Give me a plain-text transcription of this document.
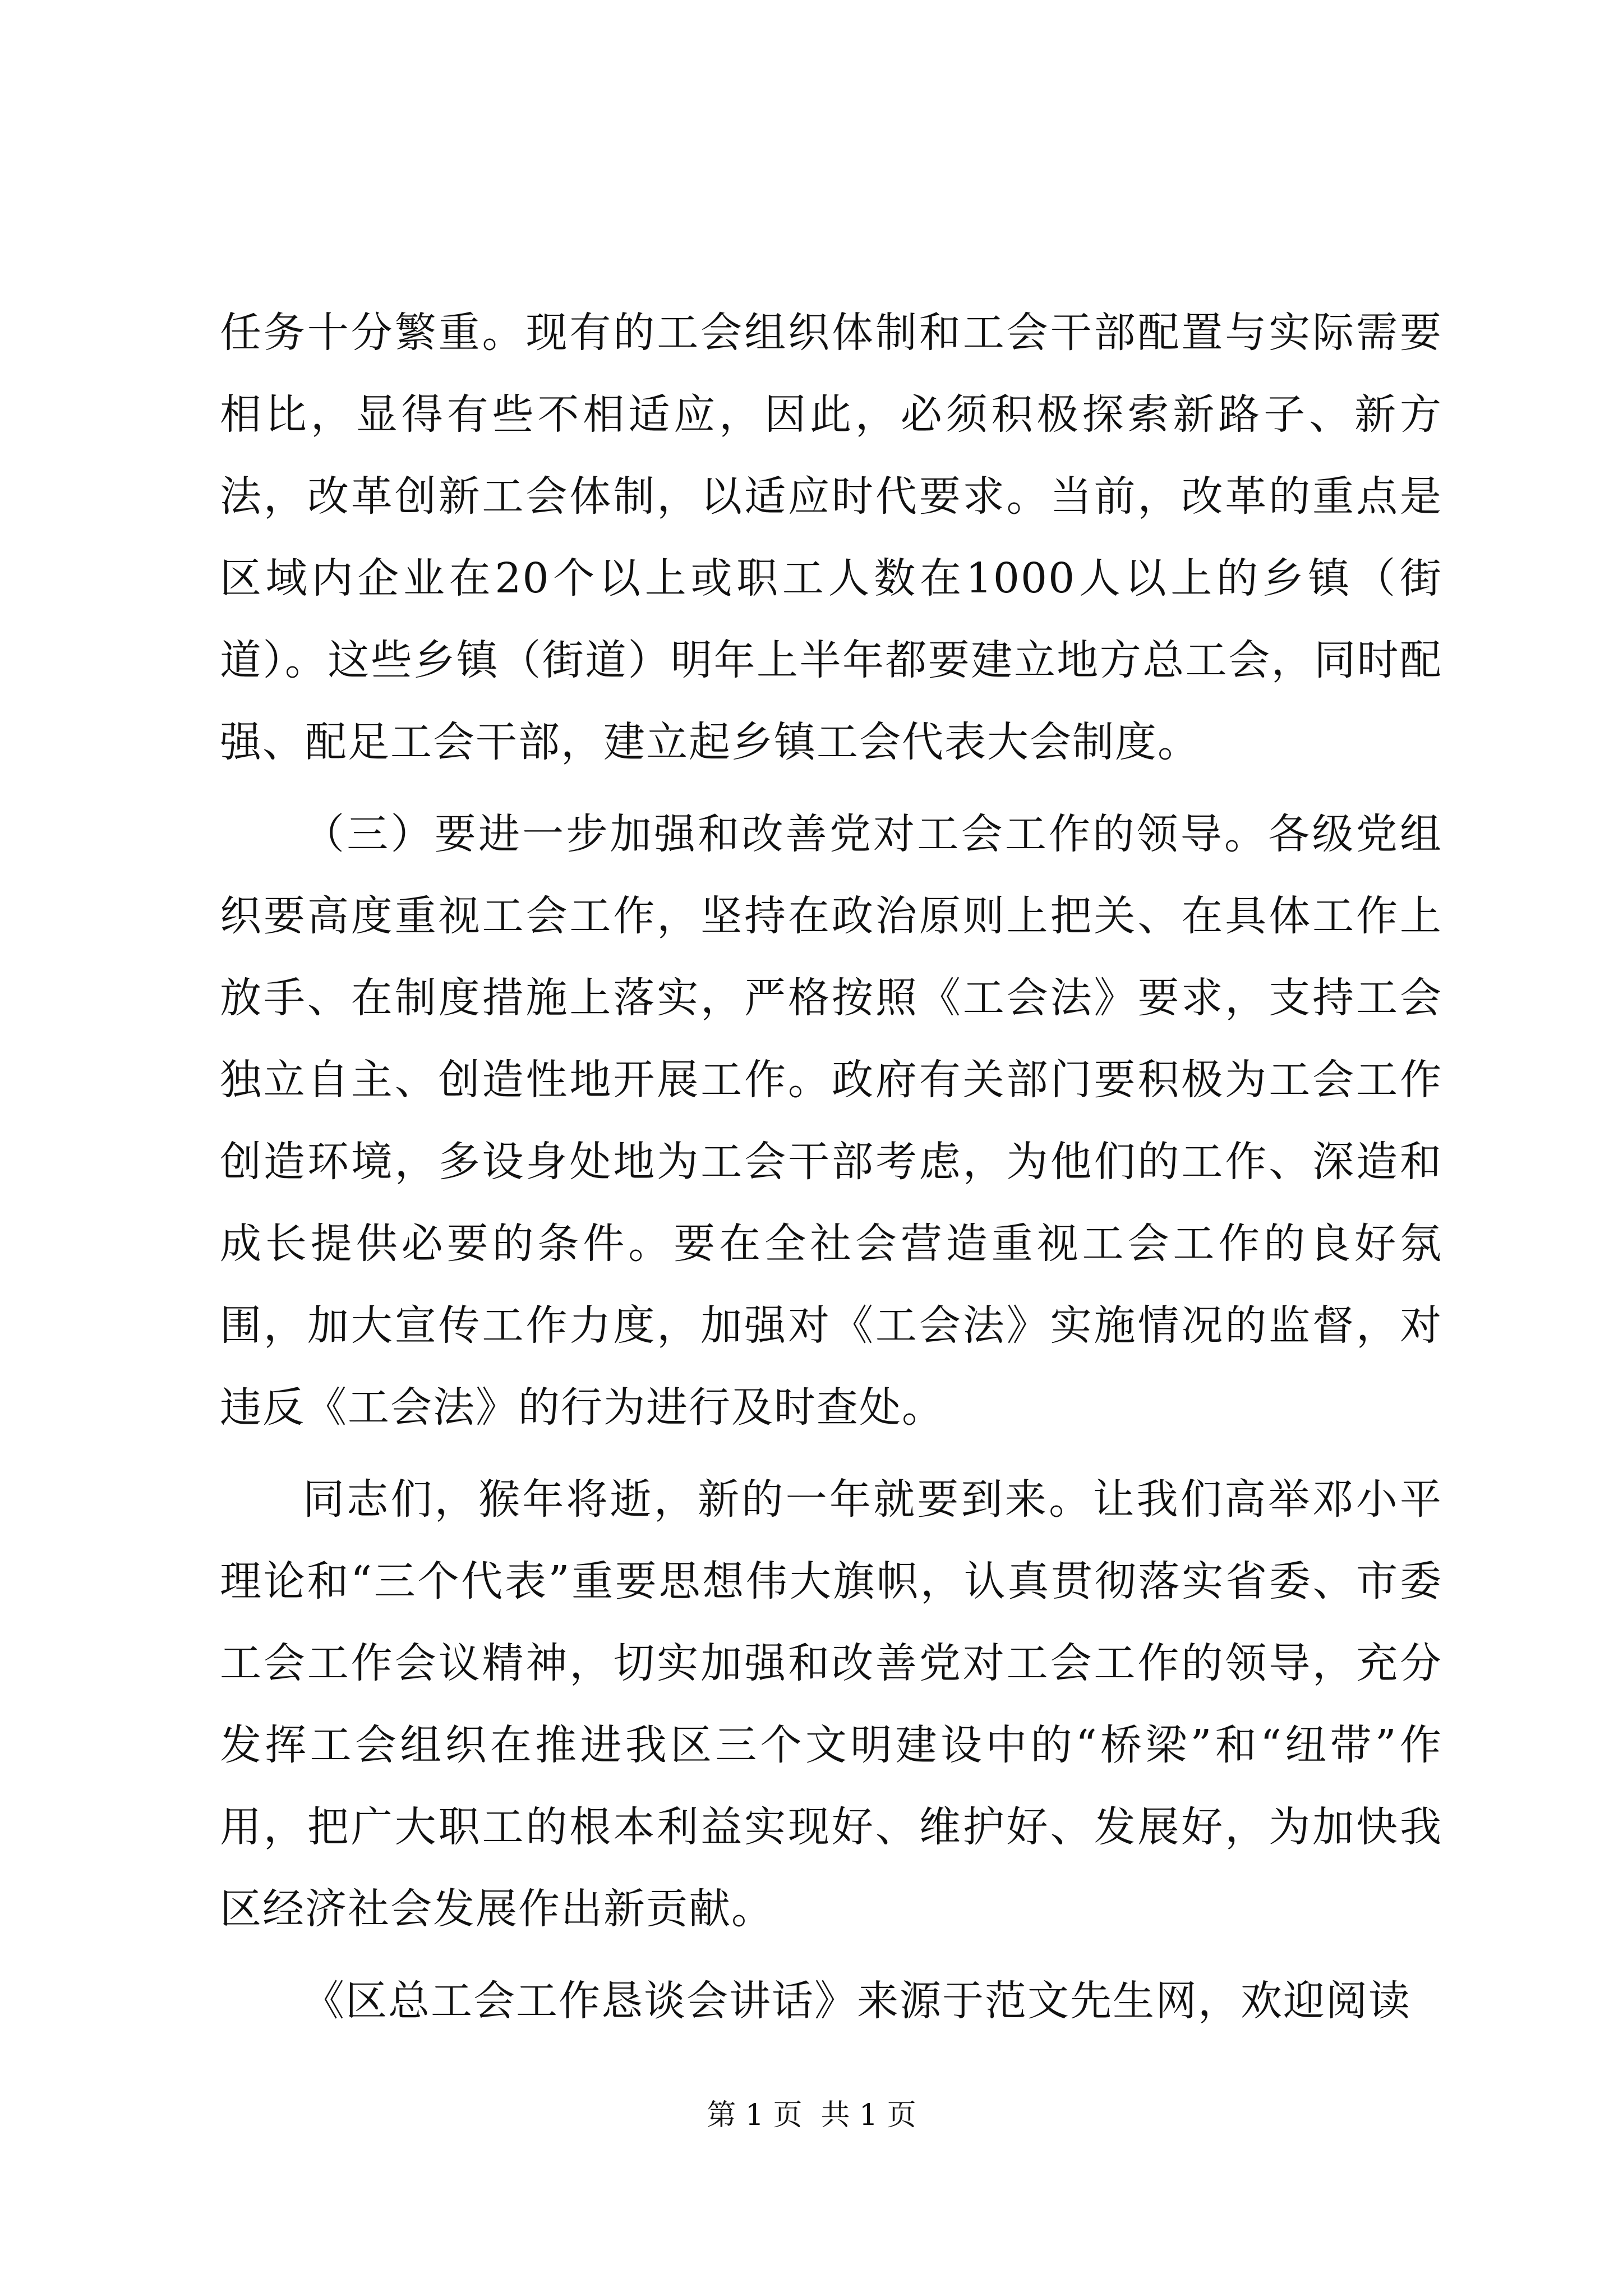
任务十分繁重。现有的工会组织体制和工会干部配置与实际需要相比，显得有些不相适应，因此，必须积极探索新路子、新方法，改革创新工会体制，以适应时代要求。当前，改革的重点是区域内企业在20个以上或职工人数在1000人以上的乡镇（街道）。这些乡镇（街道）明年上半年都要建立地方总工会，同时配强、配足工会干部，建立起乡镇工会代表大会制度。

（三）要进一步加强和改善党对工会工作的领导。各级党组织要高度重视工会工作，坚持在政治原则上把关、在具体工作上放手、在制度措施上落实，严格按照《工会法》要求，支持工会独立自主、创造性地开展工作。政府有关部门要积极为工会工作创造环境，多设身处地为工会干部考虑，为他们的工作、深造和成长提供必要的条件。要在全社会营造重视工会工作的良好氛围，加大宣传工作力度，加强对《工会法》实施情况的监督，对违反《工会法》的行为进行及时查处。

同志们，猴年将逝，新的一年就要到来。让我们高举邓小平理论和“三个代表”重要思想伟大旗帜，认真贯彻落实省委、市委工会工作会议精神，切实加强和改善党对工会工作的领导，充分发挥工会组织在推进我区三个文明建设中的“桥梁”和“纽带”作用，把广大职工的根本利益实现好、维护好、发展好，为加快我区经济社会发展作出新贡献。

《区总工会工作恳谈会讲话》来源于范文先生网，欢迎阅读

第 1 页  共 1 页
